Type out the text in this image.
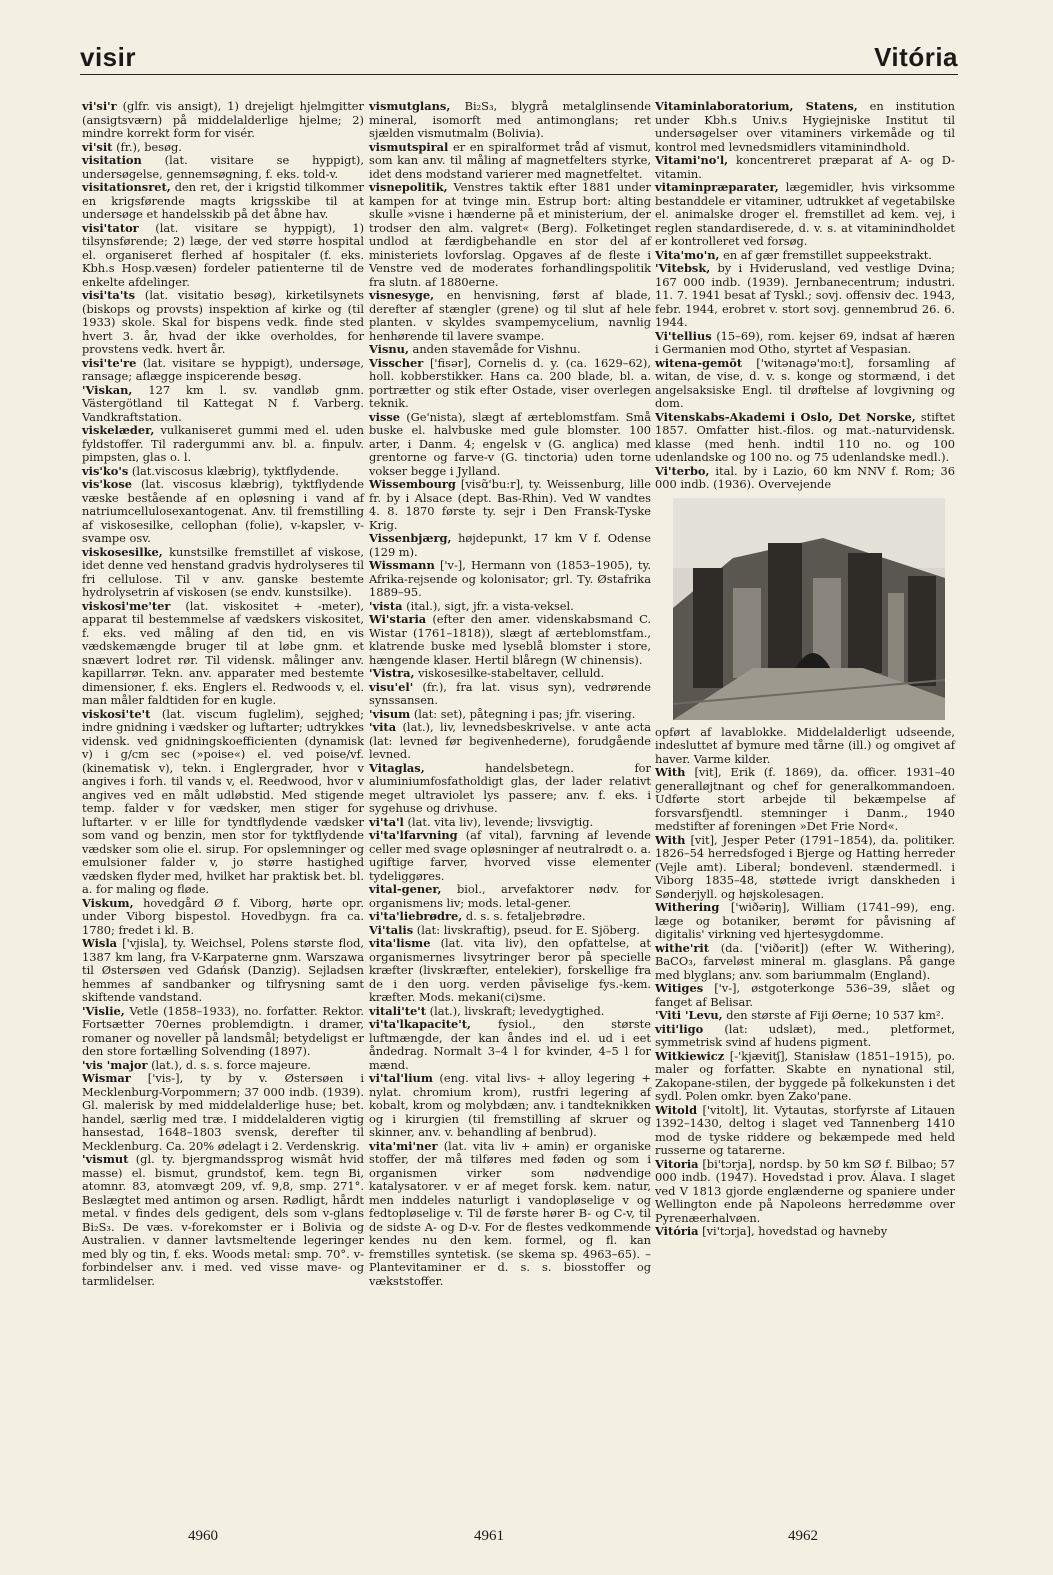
visir	Vitória

vi'si'r (glfr. vis ansigt), 1) drejeligt hjelmgitter (ansigtsværn) på middelalderlige hjelme; 2) mindre korrekt form for visér.

vi'sit (fr.), besøg.

visitation (lat. visitare se hyppigt), undersøgelse, gennemsøgning, f. eks. told-v.

visitationsret, den ret, der i krigstid tilkommer en krigsførende magts krigsskibe til at undersøge et handelsskib på det åbne hav.

visi'tator (lat. visitare se hyppigt), 1) tilsynsførende; 2) læge, der ved større hospital el. organiseret flerhed af hospitaler (f. eks. Kbh.s Hosp.væsen) fordeler patienterne til de enkelte afdelinger.

visi'ta'ts (lat. visitatio besøg), kirketilsynets (biskops og provsts) inspektion af kirke og (til 1933) skole. Skal for bispens vedk. finde sted hvert 3. år, hvad der ikke overholdes, for provstens vedk. hvert år.

visi'te're (lat. visitare se hyppigt), undersøge, ransage; aflægge inspicerende besøg.

'Viskan, 127 km l. sv. vandløb gnm. Västergötland til Kattegat N f. Varberg. Vandkraftstation.

viskelæder, vulkaniseret gummi med el. uden fyldstoffer. Til radergummi anv. bl. a. finpulv. pimpsten, glas o. l.

vis'ko's (lat.viscosus klæbrig), tyktflydende.

vis'kose (lat. viscosus klæbrig), tyktflydende væske bestående af en opløsning i vand af natriumcellulosexantogenat. Anv. til fremstilling af viskosesilke, cellophan (folie), v-kapsler, v-svampe osv.

viskosesilke, kunstsilke fremstillet af viskose, idet denne ved henstand gradvis hydrolyseres til fri cellulose. Til v anv. ganske bestemte hydrolysetrin af viskosen (se endv. kunstsilke).

viskosi'me'ter (lat. viskositet + -meter), apparat til bestemmelse af vædskers viskositet, f. eks. ved måling af den tid, en vis vædskemængde bruger til at løbe gnm. et snævert lodret rør. Til vidensk. målinger anv. kapillarrør. Tekn. anv. apparater med bestemte dimensioner, f. eks. Englers el. Redwoods v, el. man måler faldtiden for en kugle.

viskosi'te't (lat. viscum fuglelim), sejghed; indre gnidning i vædsker og luftarter; udtrykkes vidensk. ved gnidningskoefficienten (dynamisk v) i g/cm sec (»poise«) el. ved poise/vf. (kinematisk v), tekn. i Englergrader, hvor v angives i forh. til vands v, el. Reedwood, hvor v angives ved en målt udløbstid. Med stigende temp. falder v for vædsker, men stiger for luftarter. v er lille for tyndtflydende vædsker som vand og benzin, men stor for tyktflydende vædsker som olie el. sirup. For opslemninger og emulsioner falder v, jo større hastighed vædsken flyder med, hvilket har praktisk bet. bl. a. for maling og fløde.

Viskum, hovedgård Ø f. Viborg, hørte opr. under Viborg bispestol. Hovedbygn. fra ca. 1780; fredet i kl. B.

Wisla ['vjisla], ty. Weichsel, Polens største flod, 1387 km lang, fra V-Karpaterne gnm. Warszawa til Østersøen ved Gdańsk (Danzig). Sejladsen hemmes af sandbanker og tilfrysning samt skiftende vandstand.

'Vislie, Vetle (1858–1933), no. forfatter. Rektor. Fortsætter 70ernes problemdigtn. i dramer, romaner og noveller på landsmål; betydeligst er den store fortælling Solvending (1897).

'vis 'major (lat.), d. s. s. force majeure.

Wismar ['vis-], ty by v. Østersøen i Mecklenburg-Vorpommern; 37 000 indb. (1939). Gl. malerisk by med middelalderlige huse; bet. handel, særlig med træ. I middelalderen vigtig hansestad, 1648–1803 svensk, derefter til Mecklenburg. Ca. 20% ødelagt i 2. Verdenskrig.

'vismut (gl. ty. bjergmandssprog wismât hvid masse) el. bismut, grundstof, kem. tegn Bi, atomnr. 83, atomvægt 209, vf. 9,8, smp. 271°. Beslægtet med antimon og arsen. Rødligt, hårdt metal. v findes dels gedigent, dels som v-glans Bi₂S₃. De væs. v-forekomster er i Bolivia og Australien. v danner lavtsmeltende legeringer med bly og tin, f. eks. Woods metal: smp. 70°. v-forbindelser anv. i med. ved visse mave- og tarmlidelser.

vismutglans, Bi₂S₃, blygrå metalglinsende mineral, isomorft med antimonglans; ret sjælden vismutmalm (Bolivia).

vismutspiral er en spiralformet tråd af vismut, som kan anv. til måling af magnetfelters styrke, idet dens modstand varierer med magnetfeltet.

visnepolitik, Venstres taktik efter 1881 under kampen for at tvinge min. Estrup bort: alting skulle »visne i hænderne på et ministerium, der trodser den alm. valgret« (Berg). Folketinget undlod at færdigbehandle en stor del af ministeriets lovforslag. Opgaves af de fleste i Venstre ved de moderates forhandlingspolitik fra slutn. af 1880erne.

visnesyge, en henvisning, først af blade, derefter af stængler (grene) og til slut af hele planten. v skyldes svampemycelium, navnlig henhørende til lavere svampe.

Visnu, anden stavemåde for Vishnu.

Visscher ['fisər], Cornelis d. y. (ca. 1629–62), holl. kobberstikker. Hans ca. 200 blade, bl. a. portrætter og stik efter Ostade, viser overlegen teknik.

visse (Ge'nista), slægt af ærteblomstfam. Små buske el. halvbuske med gule blomster. 100 arter, i Danm. 4; engelsk v (G. anglica) med grentorne og farve-v (G. tinctoria) uden torne vokser begge i Jylland.

Wissembourg [visɑ̃'bu:r], ty. Weissenburg, lille fr. by i Alsace (dept. Bas-Rhin). Ved W vandtes 4. 8. 1870 første ty. sejr i Den Fransk-Tyske Krig.

Vissenbjærg, højdepunkt, 17 km V f. Odense (129 m).

Wissmann ['v-], Hermann von (1853–1905), ty. Afrika-rejsende og kolonisator; grl. Ty. Østafrika 1889–95.

'vista (ital.), sigt, jfr. a vista-veksel.

Wi'staria (efter den amer. videnskabsmand C. Wistar (1761–1818)), slægt af ærteblomstfam., klatrende buske med lyseblå blomster i store, hængende klaser. Hertil blåregn (W chinensis).

'Vistra, viskosesilke-stabeltaver, celluld.

visu'el' (fr.), fra lat. visus syn), vedrørende synssansen.

'visum (lat: set), påtegning i pas; jfr. visering.

'vita (lat.), liv, levnedsbeskrivelse. v ante acta (lat: levned før begivenhederne), forudgående levned.

Vitaglas,	handelsbetegn. for aluminiumfosfatholdigt glas, der lader relativt meget ultraviolet lys passere; anv. f. eks. i sygehuse og drivhuse.

vi'ta'l (lat. vita liv), levende; livsvigtig.

vi'ta'lfarvning (af vital), farvning af levende celler med svage opløsninger af neutralrødt o. a. ugiftige farver, hvorved visse elementer tydeliggøres.

vital-gener, biol., arvefaktorer nødv. for organismens liv; mods. letal-gener.

vi'ta'liebrødre, d. s. s. fetaljebrødre.

Vi'talis (lat: livskraftig), pseud. for E. Sjöberg.

vita'lisme (lat. vita liv), den opfattelse, at organismernes livsytringer beror på specielle kræfter (livskræfter, entelekier), forskellige fra de i den uorg. verden påviselige fys.-kem. kræfter. Mods. mekani(ci)sme.

vitali'te't (lat.), livskraft; levedygtighed.

vi'ta'lkapacite't, fysiol., den største luftmængde, der kan åndes ind el. ud i eet åndedrag. Normalt 3–4 l for kvinder, 4–5 l for mænd.

vi'tal'lium (eng. vital livs- + alloy legering + nylat. chromium krom), rustfri legering af kobalt, krom og molybdæn; anv. i tandteknikken og i kirurgien (til fremstilling af skruer og skinner, anv. v. behandling af benbrud).

vita'mi'ner (lat. vita liv + amin) er organiske stoffer, der må tilføres med føden og som i organismen virker som nødvendige katalysatorer. v er af meget forsk. kem. natur, men inddeles naturligt i vandopløselige v og fedtopløselige v. Til de første hører B- og C-v, til de sidste A- og D-v. For de flestes vedkommende kendes nu den kem. formel, og fl. kan fremstilles syntetisk. (se skema sp. 4963–65). – Plantevitaminer er d. s. s. biosstoffer og vækststoffer.

Vitaminlaboratorium, Statens, en institution under Kbh.s Univ.s Hygiejniske Institut til undersøgelser over vitaminers virkemåde og til kontrol med levnedsmidlers vitaminindhold.

Vitami'no'l, koncentreret præparat af A- og D-vitamin.

vitaminpræparater, lægemidler, hvis virksomme bestanddele er vitaminer, udtrukket af vegetabilske el. animalske droger el. fremstillet ad kem. vej, i reglen standardiserede, d. v. s. at vitaminindholdet er kontrolleret ved forsøg.

Vita'mo'n, en af gær fremstillet suppeekstrakt.

'Vitebsk, by i Hviderusland, ved vestlige Dvina; 167 000 indb. (1939). Jernbanecentrum; industri. 11. 7. 1941 besat af Tyskl.; sovj. offensiv dec. 1943, febr. 1944, erobret v. stort sovj. gennembrud 26. 6. 1944.

Vi'tellius (15–69), rom. kejser 69, indsat af hæren i Germanien mod Otho, styrtet af Vespasian.

witena-gemōt ['witənagə'mo:t], forsamling af witan, de vise, d. v. s. konge og stormænd, i det angelsaksiske Engl. til drøftelse af lovgivning og dom.

Vitenskabs-Akademi i Oslo, Det Norske, stiftet 1857. Omfatter hist.-filos. og mat.-naturvidensk. klasse (med henh. indtil 110 no. og 100 udenlandske og 100 no. og 75 udenlandske medl.).

Vi'terbo, ital. by i Lazio, 60 km NNV f. Rom; 36 000 indb. (1936). Overvejende

opført af lavablokke. Middelalderligt udseende, indesluttet af bymure med tårne (ill.) og omgivet af haver. Varme kilder.

With [vit], Erik (f. 1869), da. officer. 1931–40 generalløjtnant og chef for generalkommandoen. Udførte stort arbejde til bekæmpelse af forsvarsfjendtl. stemninger i Danm., 1940 medstifter af foreningen »Det Frie Nord«.

With [vit], Jesper Peter (1791–1854), da. politiker. 1826–54 herredsfoged i Bjerge og Hatting herreder (Vejle amt). Liberal; bondevenl. stændermedl. i Viborg 1835–48, støttede ivrigt danskheden i Sønderjyll. og højskolesagen.

Withering ['wiðəriŋ], William (1741–99), eng. læge og botaniker, berømt for påvisning af digitalis' virkning ved hjertesygdomme.

withe'rit (da. ['viðərit]) (efter W. Withering), BaCO₃, farveløst mineral m. glasglans. På gange med blyglans; anv. som bariummalm (England).

Witiges ['v-], østgoterkonge 536–39, slået og fanget af Belisar.

'Viti 'Levu, den største af Fiji Øerne; 10 537 km².

viti'ligo (lat: udslæt), med., pletformet, symmetrisk svind af hudens pigment.

Witkiewicz [-'kjævitʃ], Stanisław (1851–1915), po. maler og forfatter. Skabte en nynational stil, Zakopane-stilen, der byggede på folkekunsten i det sydl. Polen omkr. byen Zako'pane.

Witold ['vitolt], lit. Vytautas, storfyrste af Litauen 1392–1430, deltog i slaget ved Tannenberg 1410 mod de tyske riddere og bekæmpede med held russerne og tatarerne.

Vitoria [bi'tɔrja], nordsp. by 50 km SØ f. Bilbao; 57 000 indb. (1947). Hovedstad i prov. Álava. I slaget ved V 1813 gjorde englænderne og spaniere under Wellington ende på Napoleons herredømme over Pyrenæerhalvøen.

Vitória [vi'tɔrja], hovedstad og havneby

4960	4961	4962
